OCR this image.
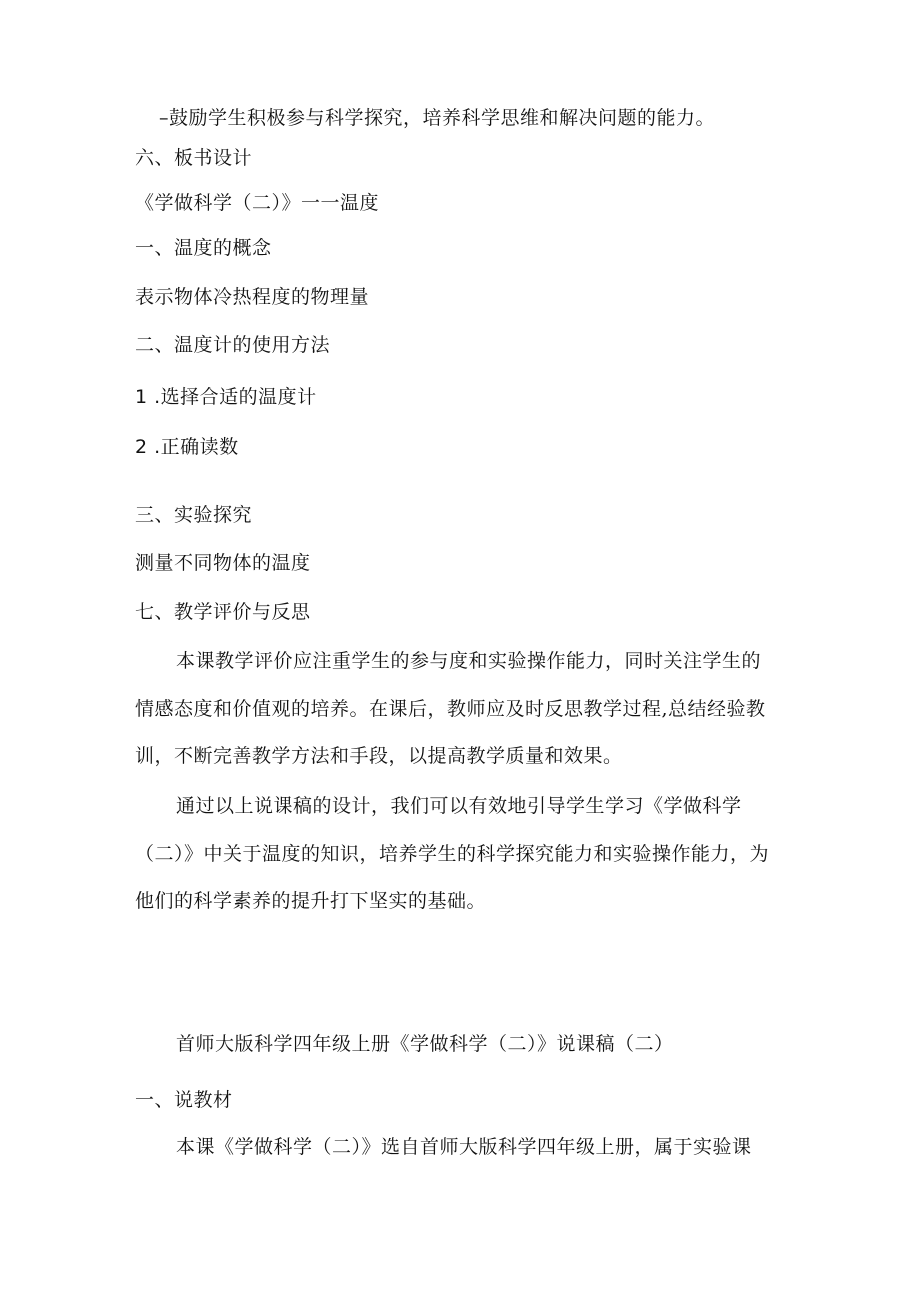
–鼓励学生积极参与科学探究，培养科学思维和解决问题的能力。
六、板书设计
《学做科学（二）》一一温度
一、温度的概念
表示物体冷热程度的物理量
二、温度计的使用方法
1 .选择合适的温度计
2 .正确读数
三、实验探究
测量不同物体的温度
七、教学评价与反思
本课教学评价应注重学生的参与度和实验操作能力，同时关注学生的
情感态度和价值观的培养。在课后，教师应及时反思教学过程,总结经验教
训，不断完善教学方法和手段，以提高教学质量和效果。
通过以上说课稿的设计，我们可以有效地引导学生学习《学做科学
（二）》中关于温度的知识，培养学生的科学探究能力和实验操作能力，为
他们的科学素养的提升打下坚实的基础。
首师大版科学四年级上册《学做科学（二）》说课稿（二）
一、说教材
本课《学做科学（二）》选自首师大版科学四年级上册，属于实验课
